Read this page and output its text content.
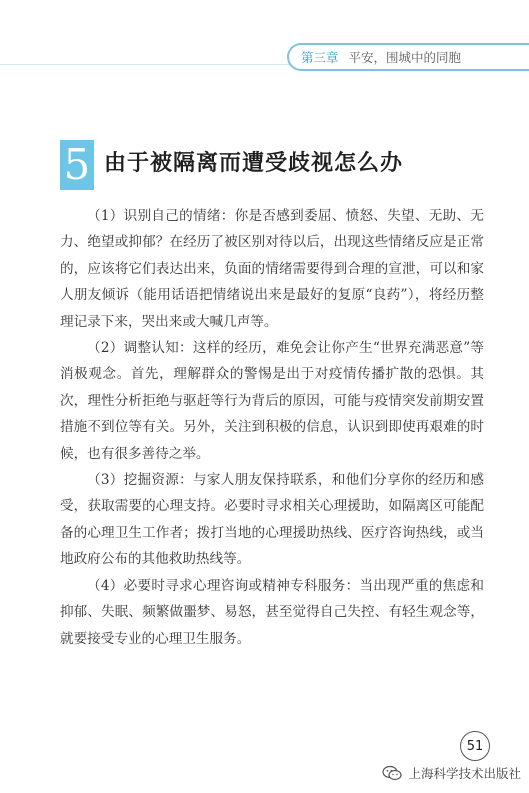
第三章 平安，围城中的同胞
5 由于被隔离而遭受歧视怎么办

（1）识别自己的情绪：你是否感到委屈、愤怒、失望、无助、无力、绝望或抑郁？在经历了被区别对待以后，出现这些情绪反应是正常的，应该将它们表达出来，负面的情绪需要得到合理的宣泄，可以和家人朋友倾诉（能用话语把情绪说出来是最好的复原“良药”），将经历整理记录下来，哭出来或大喊几声等。

（2）调整认知：这样的经历，难免会让你产生“世界充满恶意”等消极观念。首先，理解群众的警惕是出于对疫情传播扩散的恐惧。其次，理性分析拒绝与驱赶等行为背后的原因，可能与疫情突发前期安置措施不到位等有关。另外，关注到积极的信息，认识到即使再艰难的时候，也有很多善待之举。

（3）挖掘资源：与家人朋友保持联系，和他们分享你的经历和感受，获取需要的心理支持。必要时寻求相关心理援助，如隔离区可能配备的心理卫生工作者；拨打当地的心理援助热线、医疗咨询热线，或当地政府公布的其他救助热线等。

（4）必要时寻求心理咨询或精神专科服务：当出现严重的焦虑和抑郁、失眠、频繁做噩梦、易怒，甚至觉得自己失控、有轻生观念等，就要接受专业的心理卫生服务。

51
上海科学技术出版社
